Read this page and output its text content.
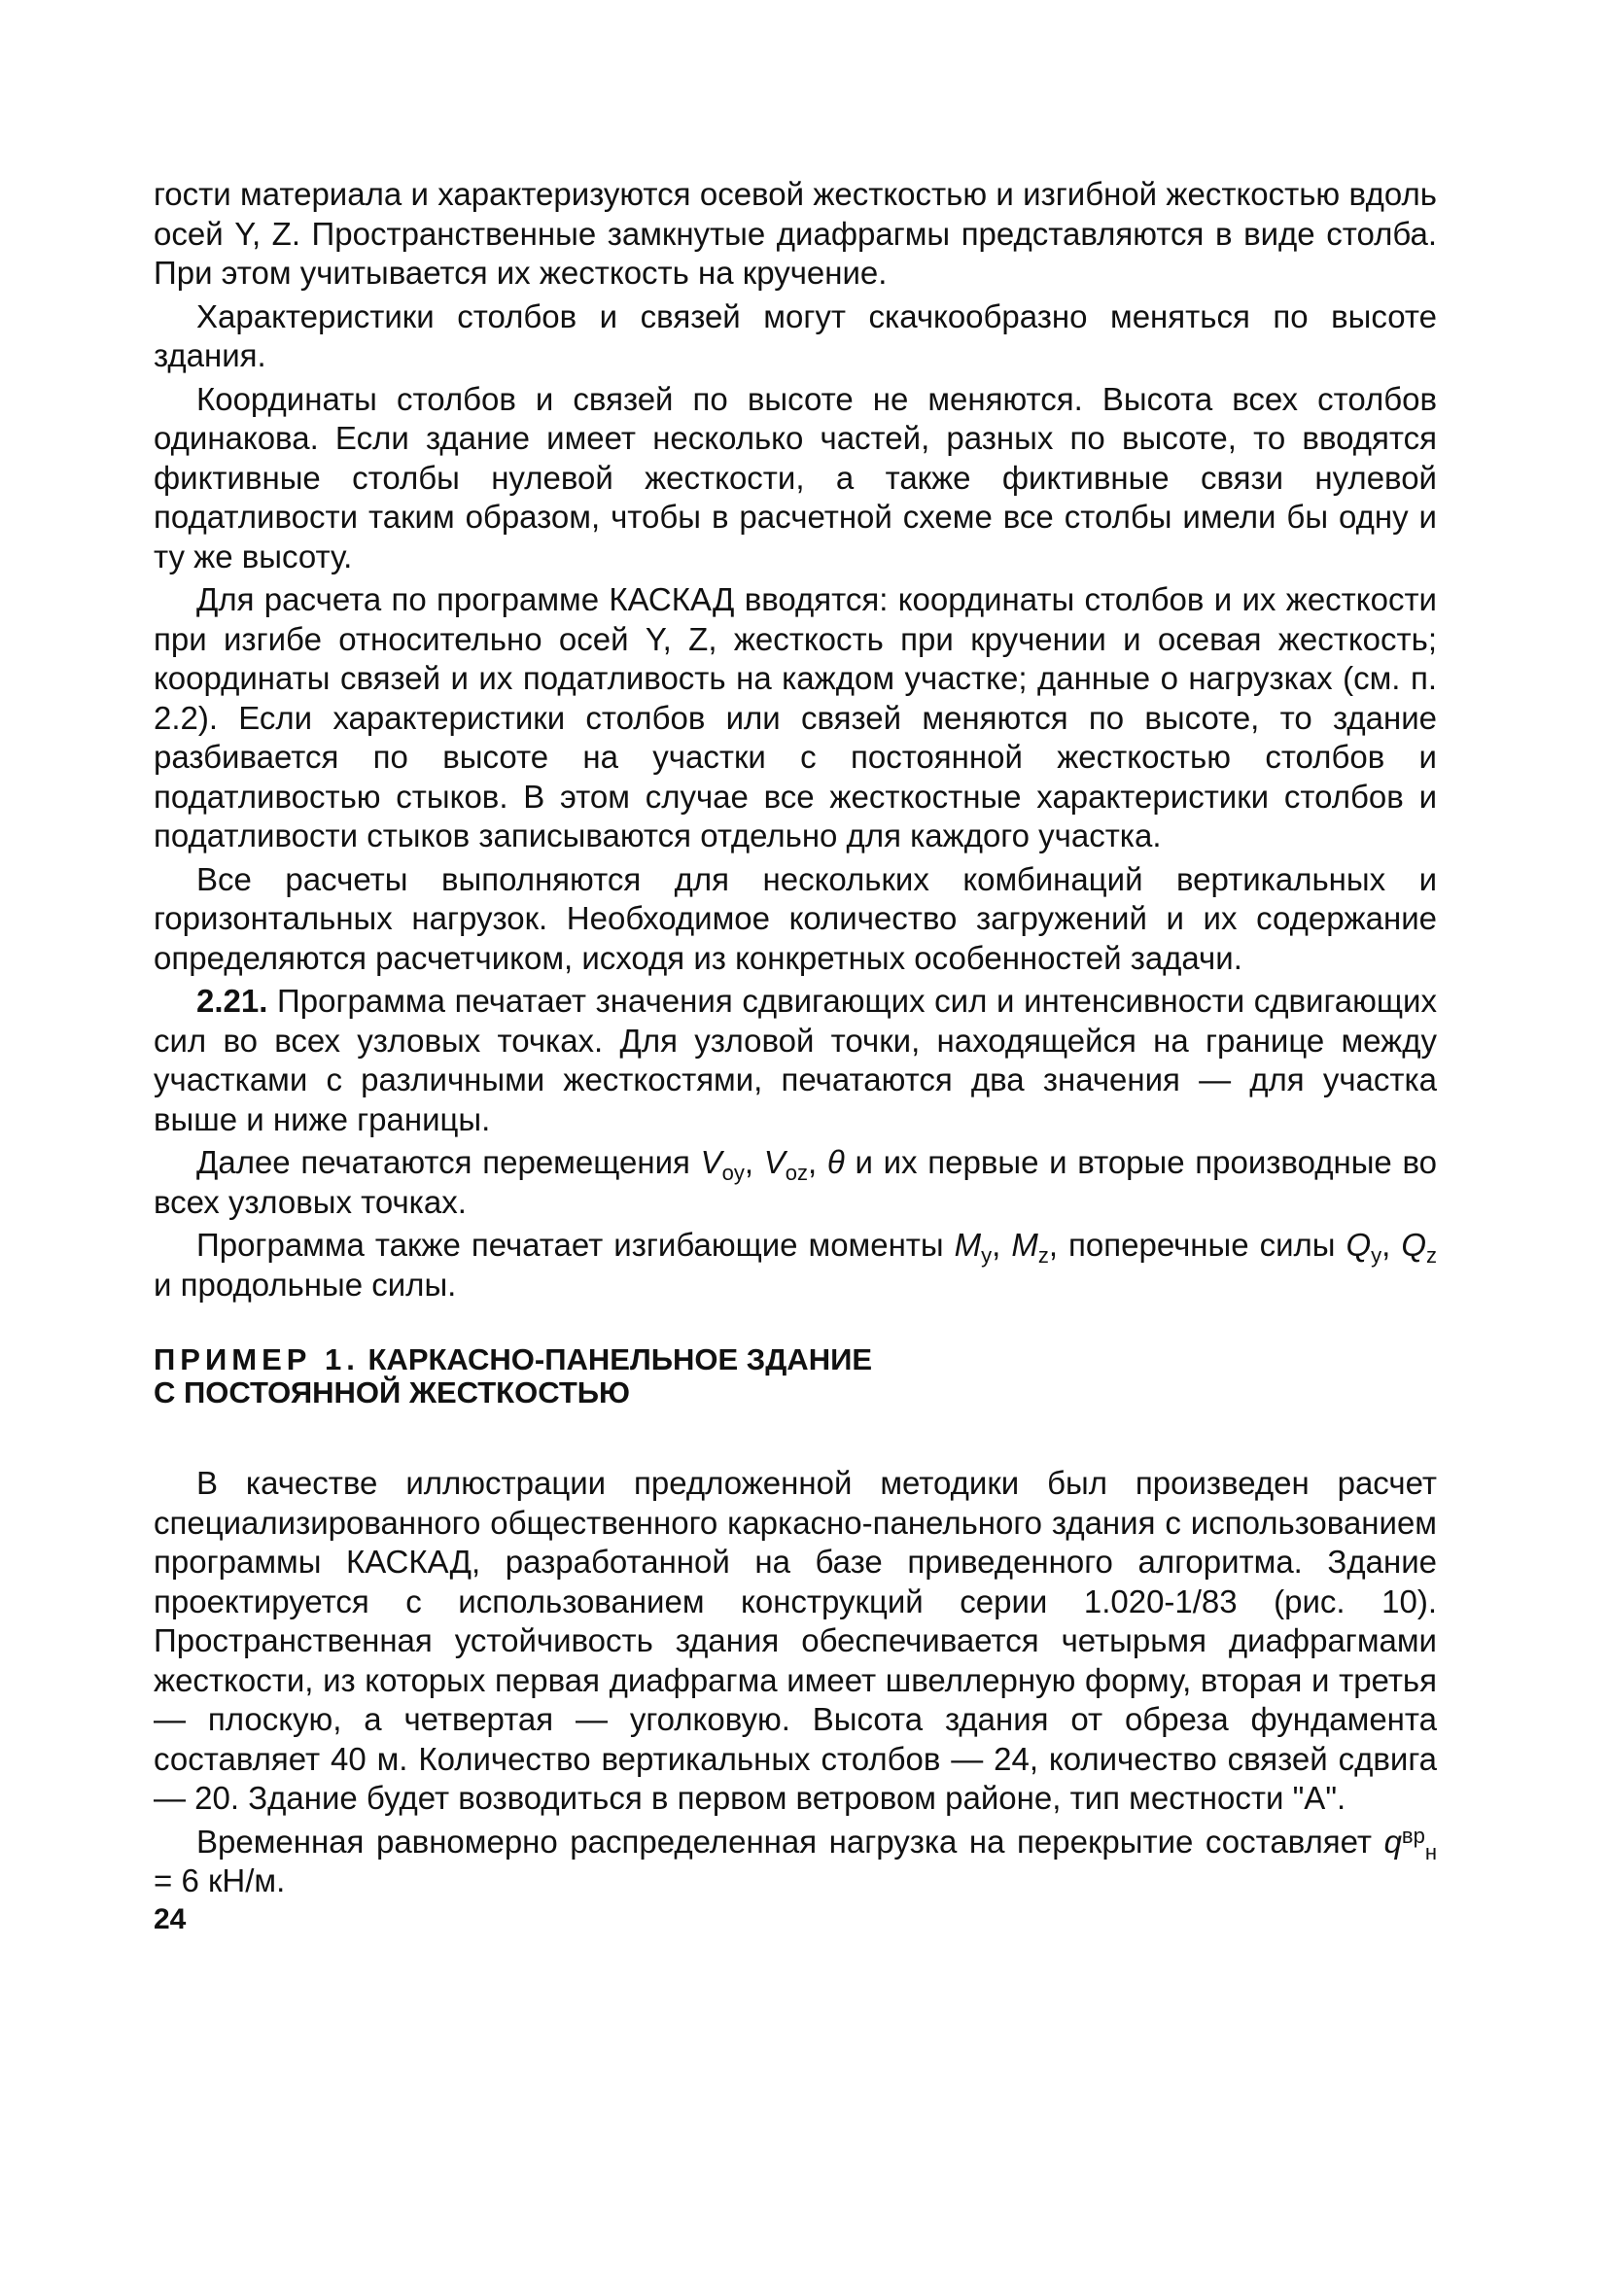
гости материала и характеризуются осевой жесткостью и изгибной жесткостью вдоль осей Y, Z. Пространственные замкнутые диафрагмы представляются в виде столба. При этом учитывается их жесткость на кручение.

Характеристики столбов и связей могут скачкообразно меняться по высоте здания.

Координаты столбов и связей по высоте не меняются. Высота всех столбов одинакова. Если здание имеет несколько частей, разных по высоте, то вводятся фиктивные столбы нулевой жесткости, а также фиктивные связи нулевой податливости таким образом, чтобы в расчетной схеме все столбы имели бы одну и ту же высоту.

Для расчета по программе КАСКАД вводятся: координаты столбов и их жесткости при изгибе относительно осей Y, Z, жесткость при кручении и осевая жесткость; координаты связей и их податливость на каждом участке; данные о нагрузках (см. п. 2.2). Если характеристики столбов или связей меняются по высоте, то здание разбивается по высоте на участки с постоянной жесткостью столбов и податливостью стыков. В этом случае все жесткостные характеристики столбов и податливости стыков записываются отдельно для каждого участка.

Все расчеты выполняются для нескольких комбинаций вертикальных и горизонтальных нагрузок. Необходимое количество загружений и их содержание определяются расчетчиком, исходя из конкретных особенностей задачи.

2.21. Программа печатает значения сдвигающих сил и интенсивности сдвигающих сил во всех узловых точках. Для узловой точки, находящейся на границе между участками с различными жесткостями, печатаются два значения — для участка выше и ниже границы.

Далее печатаются перемещения $V_{oy}$, $V_{oz}$, θ и их первые и вторые производные во всех узловых точках.

Программа также печатает изгибающие моменты $M_y$, $M_z$, поперечные силы $Q_y$, $Q_z$ и продольные силы.

ПРИМЕР 1. КАРКАСНО-ПАНЕЛЬНОЕ ЗДАНИЕ
С ПОСТОЯННОЙ ЖЕСТКОСТЬЮ

В качестве иллюстрации предложенной методики был произведен расчет специализированного общественного каркасно-панельного здания с использованием программы КАСКАД, разработанной на базе приведенного алгоритма. Здание проектируется с использованием конструкций серии 1.020-1/83 (рис. 10). Пространственная устойчивость здания обеспечивается четырьмя диафрагмами жесткости, из которых первая диафрагма имеет швеллерную форму, вторая и третья — плоскую, а четвертая — уголковую. Высота здания от обреза фундамента составляет 40 м. Количество вертикальных столбов — 24, количество связей сдвига — 20. Здание будет возводиться в первом ветровом районе, тип местности "А".

Временная равномерно распределенная нагрузка на перекрытие составляет $q^{вр}_н = 6$ кН/м.

24
